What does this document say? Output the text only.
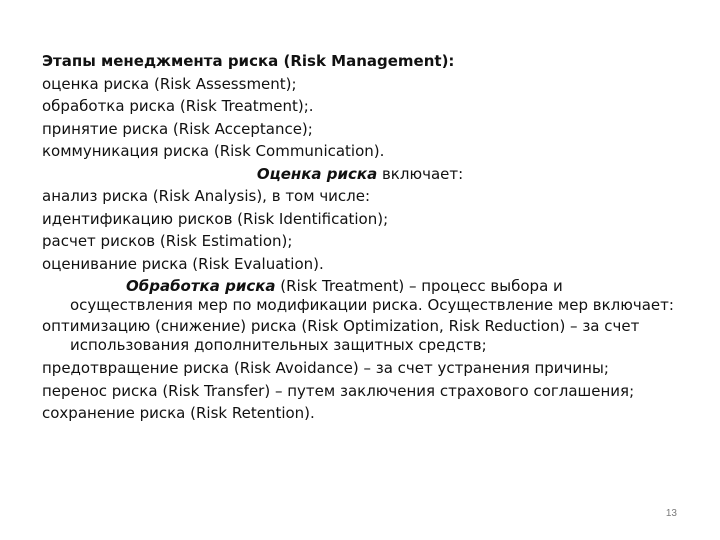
Этапы менеджмента риска (Risk Management):
оценка риска (Risk Assessment);
обработка риска (Risk Treatment);.
принятие риска (Risk Acceptance);
коммуникация риска (Risk Communication).
Оценка риска включает:
анализ риска (Risk Analysis), в том числе:
идентификацию рисков (Risk Identification);
расчет рисков (Risk Estimation);
оценивание риска (Risk Evaluation).
Обработка риска (Risk Treatment) – процесс выбора и осуществления мер по модификации риска. Осуществление мер включает:
оптимизацию (снижение) риска (Risk Optimization, Risk Reduction) – за счет использования дополнительных защитных средств;
предотвращение риска (Risk Avoidance) – за счет устранения причины;
перенос риска (Risk Transfer) – путем заключения страхового соглашения;
сохранение риска (Risk Retention).
13
